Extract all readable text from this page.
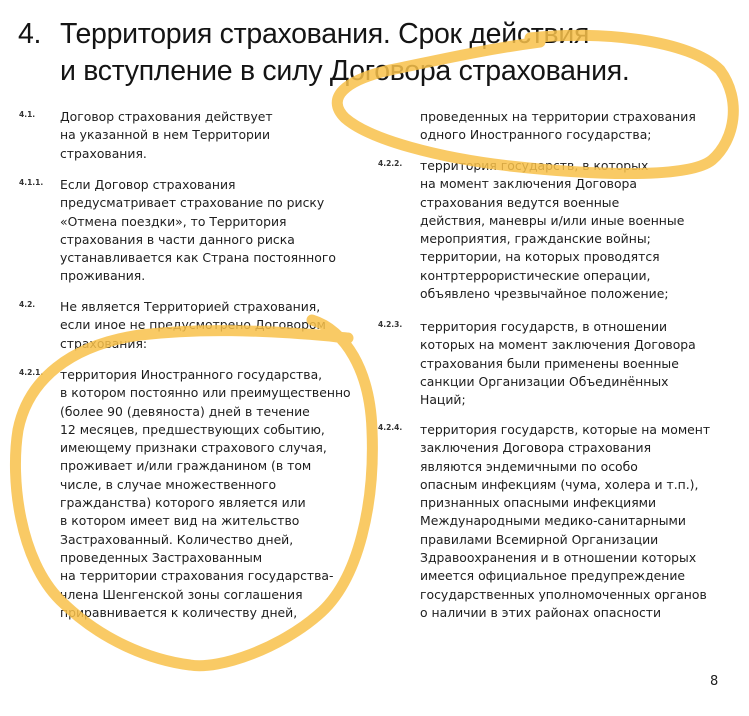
4. Территория страхования. Срок действия
и вступление в силу Договора страхования.
4.1. Договор страхования действует
на указанной в нем Территории
страхования.
4.1.1. Если Договор страхования
предусматривает страхование по риску
«Отмена поездки», то Территория
страхования в части данного риска
устанавливается как Страна постоянного
проживания.
4.2. Не является Территорией страхования,
если иное не предусмотрено Договором
страхования:
4.2.1. территория Иностранного государства,
в котором постоянно или преимущественно
(более 90 (девяноста) дней в течение
12 месяцев, предшествующих событию,
имеющему признаки страхового случая,
проживает и/или гражданином (в том
числе, в случае множественного
гражданства) которого является или
в котором имеет вид на жительство
Застрахованный. Количество дней,
проведенных Застрахованным
на территории страхования государства-
члена Шенгенской зоны соглашения
приравнивается к количеству дней,
проведенных на территории страхования
одного Иностранного государства;
4.2.2. территория государств, в которых
на момент заключения Договора
страхования ведутся военные
действия, маневры и/или иные военные
мероприятия, гражданские войны;
территории, на которых проводятся
контртеррористические операции,
объявлено чрезвычайное положение;
4.2.3. территория государств, в отношении
которых на момент заключения Договора
страхования были применены военные
санкции Организации Объединённых
Наций;
4.2.4. территория государств, которые на момент
заключения Договора страхования
являются эндемичными по особо
опасным инфекциям (чума, холера и т.п.),
признанных опасными инфекциями
Международными медико-санитарными
правилами Всемирной Организации
Здравоохранения и в отношении которых
имеется официальное предупреждение
государственных уполномоченных органов
о наличии в этих районах опасности
8
